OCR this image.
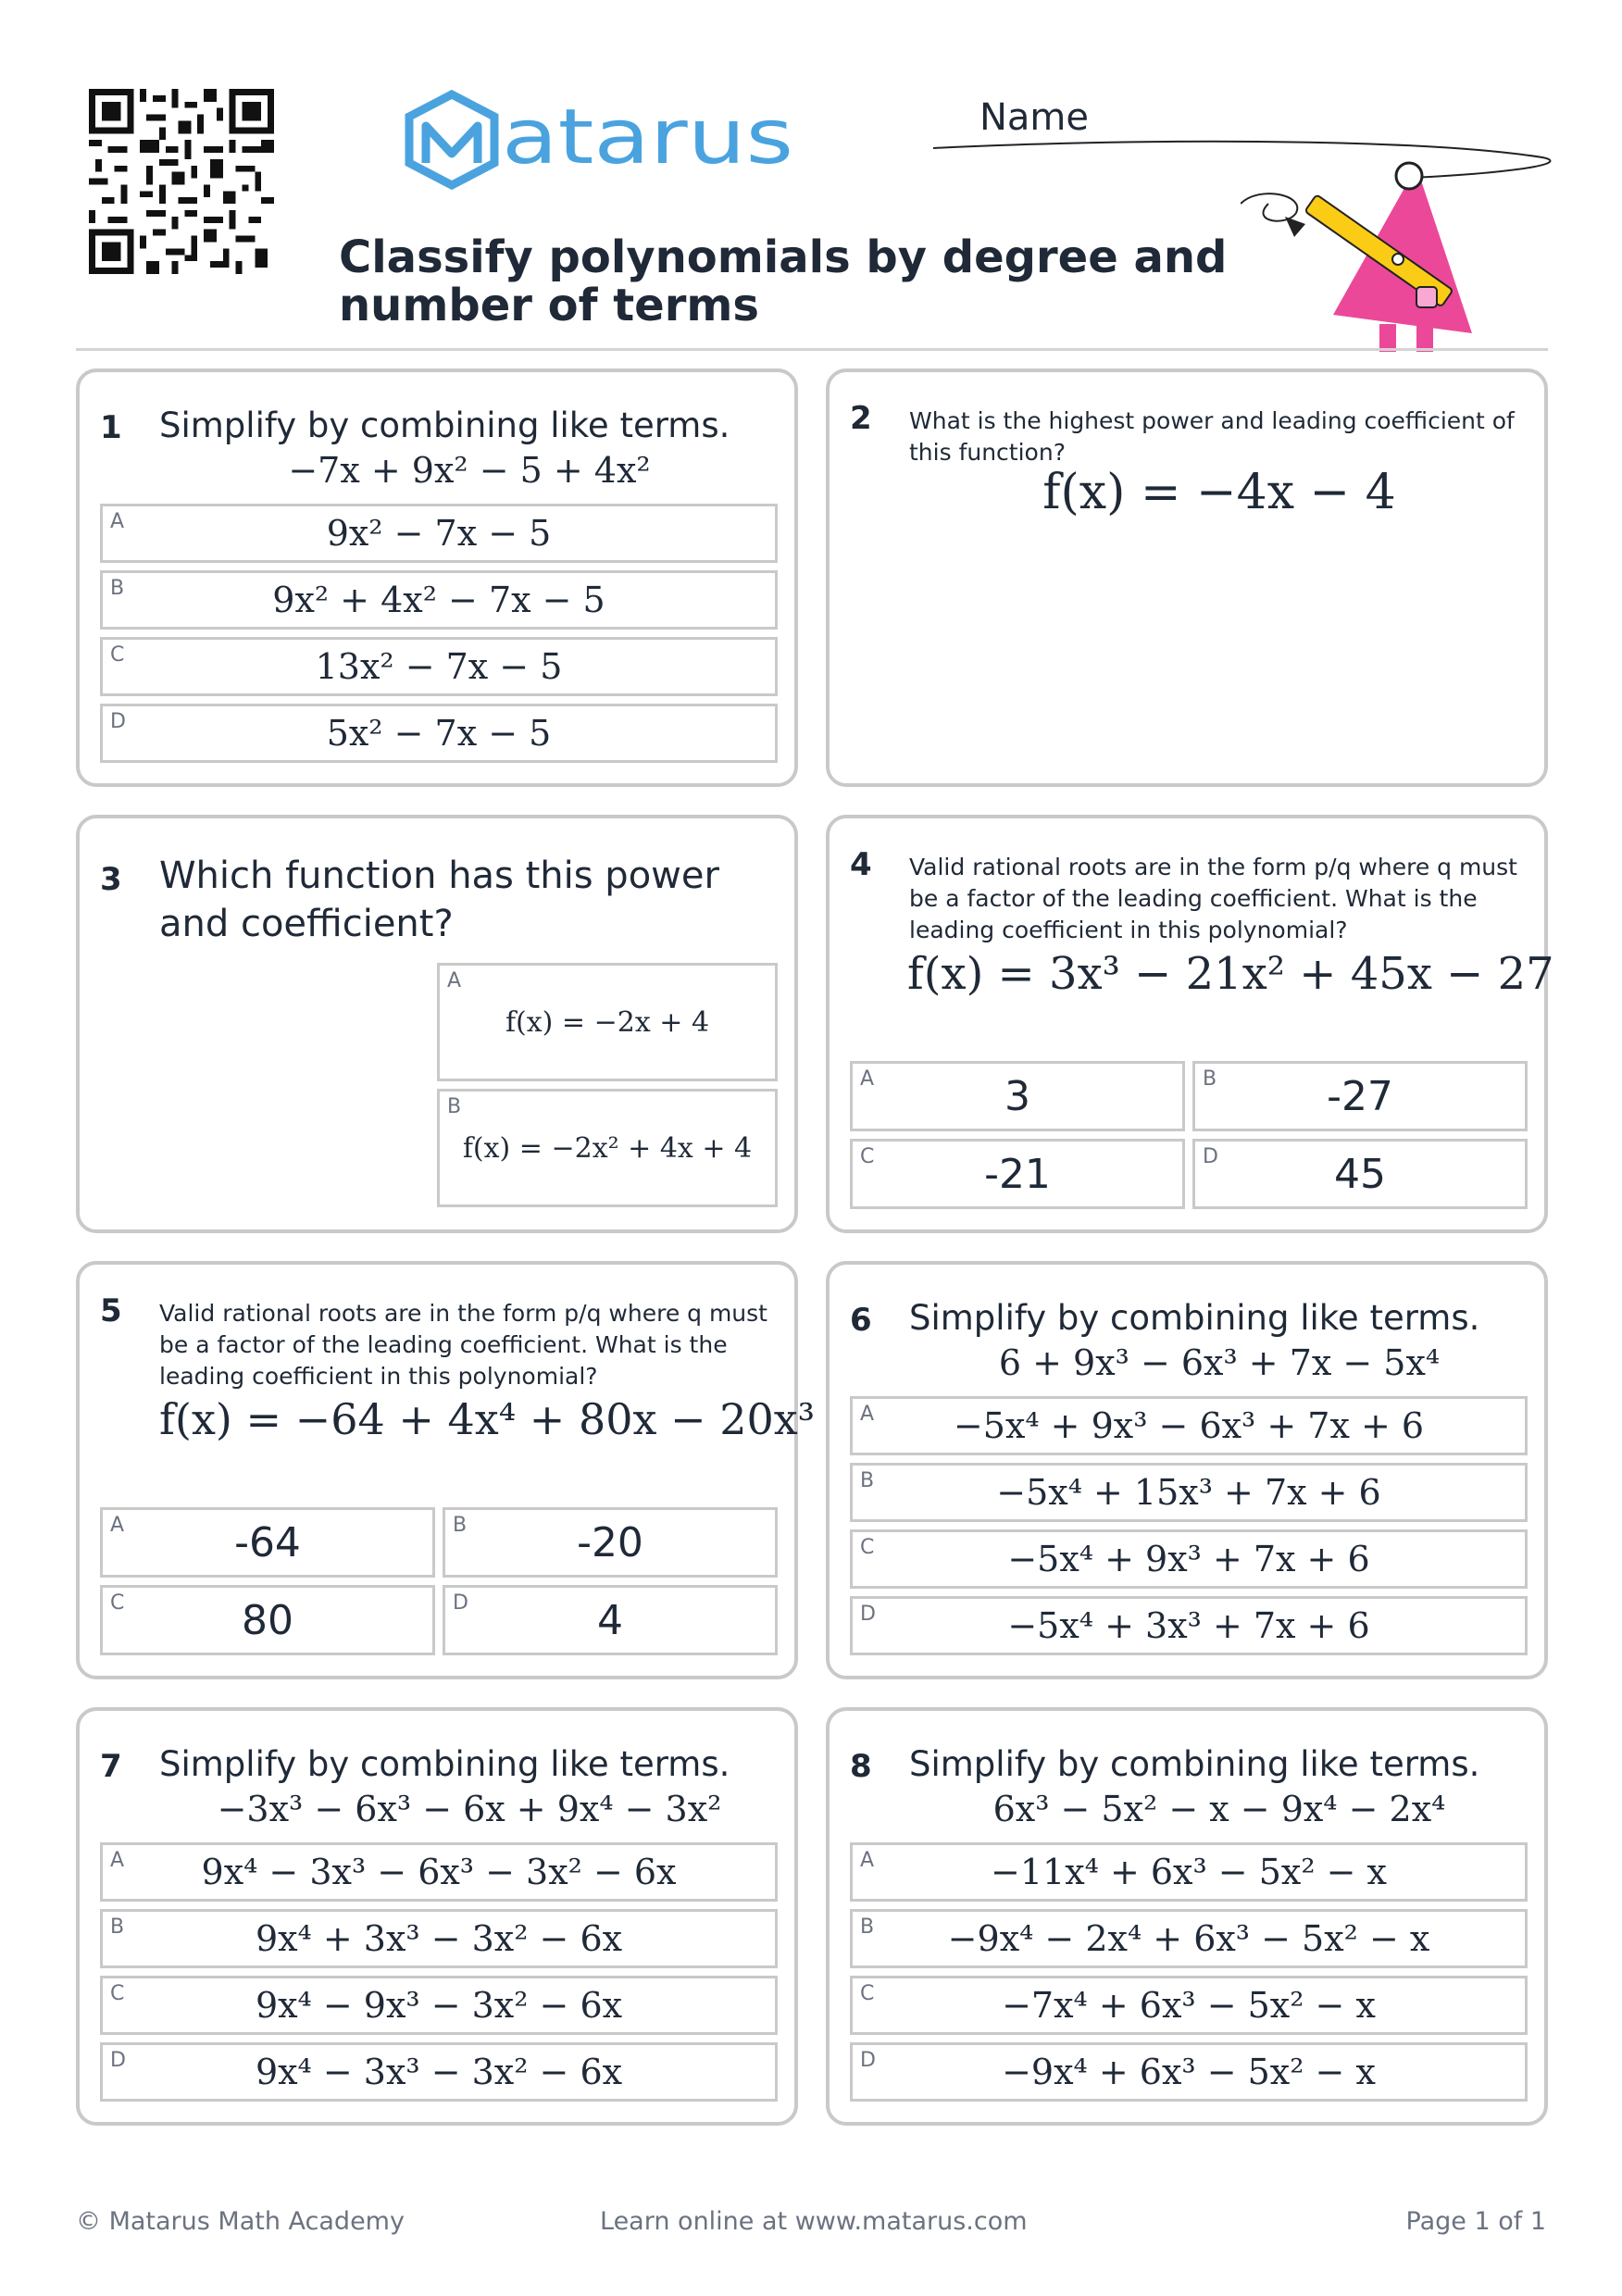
atarus
Classify polynomials by degree and number of terms
Name
1 Simplify by combining like terms.
−7x + 9x² − 5 + 4x²
A	9x² − 7x − 5
B	9x² + 4x² − 7x − 5
C	13x² − 7x − 5
D	5x² − 7x − 5
2 What is the highest power and leading coefficient of this function?
f(x) = −4x − 4
3 Which function has this power and coefficient?
A
f(x) = −2x + 4
B
f(x) = −2x² + 4x + 4
4 Valid rational roots are in the form p/q where q must be a factor of the leading coefficient. What is the leading coefficient in this polynomial?
f(x) = 3x³ − 21x² + 45x − 27
A	3	B	-27
C	-21	D	45
5 Valid rational roots are in the form p/q where q must be a factor of the leading coefficient. What is the leading coefficient in this polynomial?
f(x) = −64 + 4x⁴ + 80x − 20x³
A	-64	B	-20
C	80	D	4
6 Simplify by combining like terms.
6 + 9x³ − 6x³ + 7x − 5x⁴
A	−5x⁴ + 9x³ − 6x³ + 7x + 6
B	−5x⁴ + 15x³ + 7x + 6
C	−5x⁴ + 9x³ + 7x + 6
D	−5x⁴ + 3x³ + 7x + 6
7 Simplify by combining like terms.
−3x³ − 6x³ − 6x + 9x⁴ − 3x²
A	9x⁴ − 3x³ − 6x³ − 3x² − 6x
B	9x⁴ + 3x³ − 3x² − 6x
C	9x⁴ − 9x³ − 3x² − 6x
D	9x⁴ − 3x³ − 3x² − 6x
8 Simplify by combining like terms.
6x³ − 5x² − x − 9x⁴ − 2x⁴
A	−11x⁴ + 6x³ − 5x² − x
B	−9x⁴ − 2x⁴ + 6x³ − 5x² − x
C	−7x⁴ + 6x³ − 5x² − x
D	−9x⁴ + 6x³ − 5x² − x
© Matarus Math Academy	Learn online at www.matarus.com	Page 1 of 1
